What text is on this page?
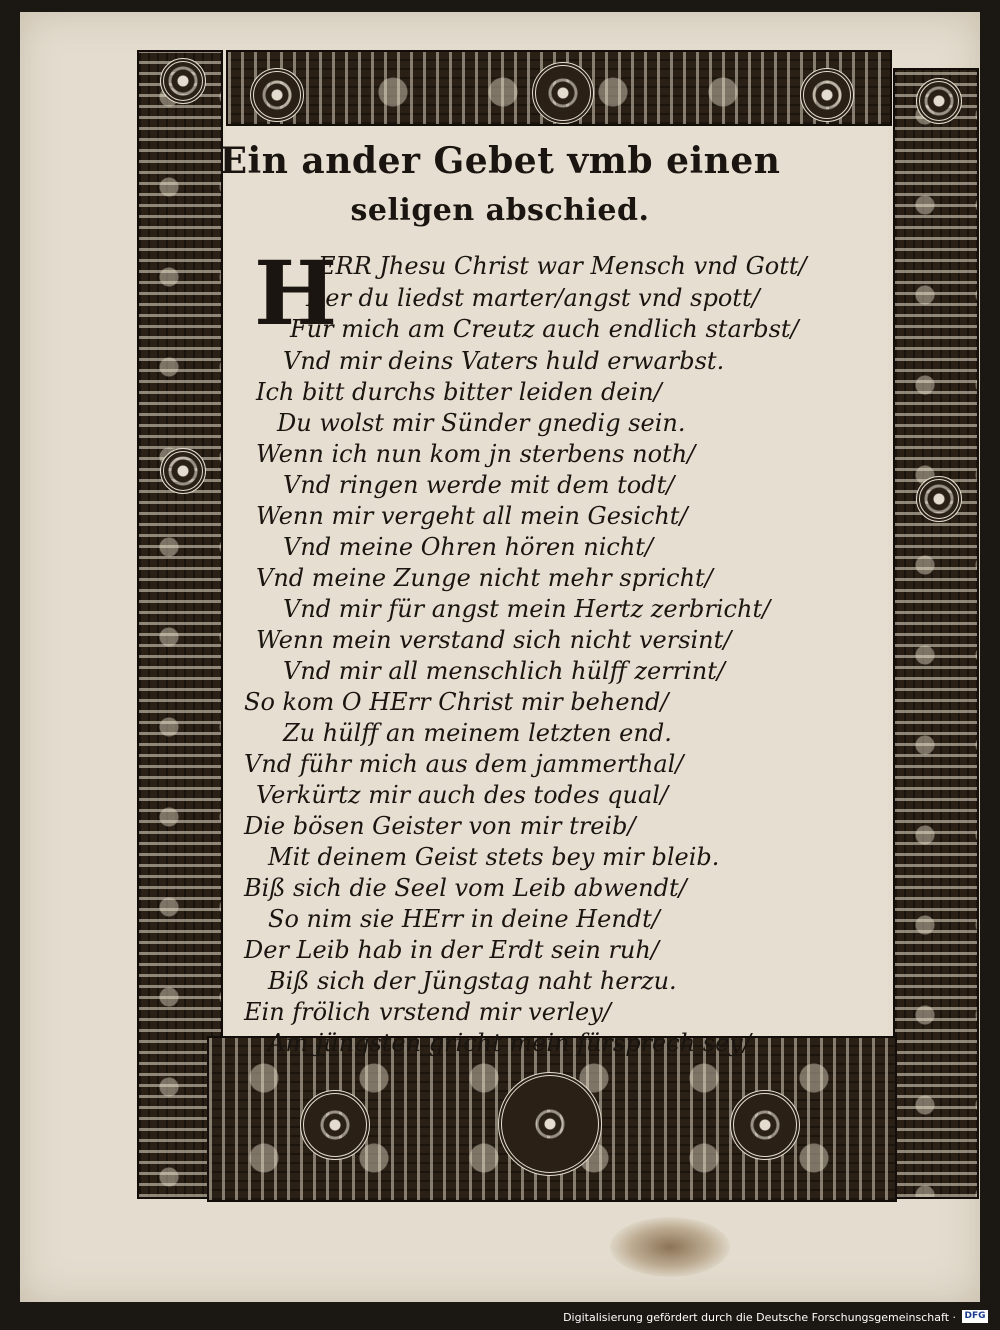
Ein ander Gebet vmb einen
seligen abschied.
H
ERR Jhesu Christ war Mensch vnd Gott/
Der du liedst marter/angst vnd spott/
Für mich am Creutz auch endlich starbst/
Vnd mir deins Vaters huld erwarbst.
Ich bitt durchs bitter leiden dein/
Du wolst mir Sünder gnedig sein.
Wenn ich nun kom jn sterbens noth/
Vnd ringen werde mit dem todt/
Wenn mir vergeht all mein Gesicht/
Vnd meine Ohren hören nicht/
Vnd meine Zunge nicht mehr spricht/
Vnd mir für angst mein Hertz zerbricht/
Wenn mein verstand sich nicht versint/
Vnd mir all menschlich hülff zerrint/
So kom O HErr Christ mir behend/
Zu hülff an meinem letzten end.
Vnd führ mich aus dem jammerthal/
Verkürtz mir auch des todes qual/
Die bösen Geister von mir treib/
Mit deinem Geist stets bey mir bleib.
Biß sich die Seel vom Leib abwendt/
So nim sie HErr in deine Hendt/
Der Leib hab in der Erdt sein ruh/
Biß sich der Jüngstag naht herzu.
Ein frölich vrstend mir verley/
Am jüngsten gricht mein fürsprech sey/
Digitalisierung gefördert durch die Deutsche Forschungsgemeinschaft · DFG
